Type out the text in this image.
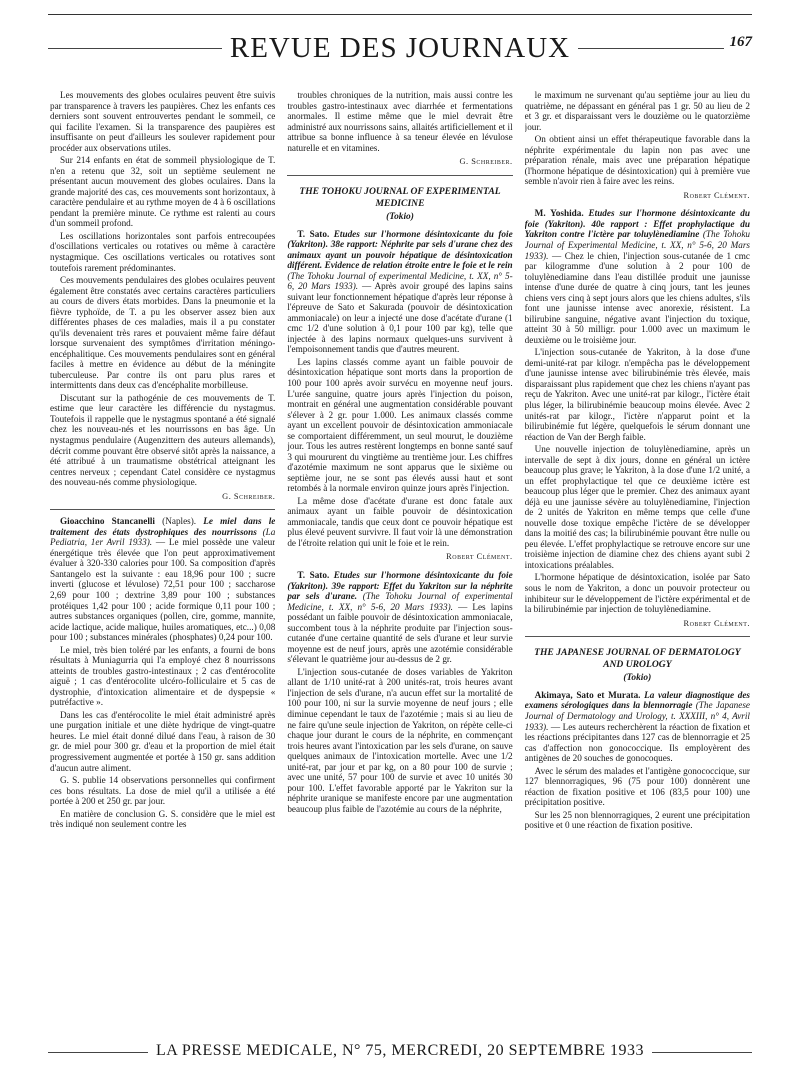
REVUE DES JOURNAUX	167

Les mouvements des globes oculaires peuvent être suivis par transparence à travers les paupières. Chez les enfants ces derniers sont souvent entrouvertes pendant le sommeil, ce qui facilite l'examen. Si la transparence des paupières est insuffisante on peut d'ailleurs les soulever rapidement pour procéder aux observations utiles.

Sur 214 enfants en état de sommeil physiologique de T. n'en a retenu que 32, soit un septième seulement ne présentant aucun mouvement des globes oculaires. Dans la grande majorité des cas, ces mouvements sont horizontaux, à caractère pendulaire et au rythme moyen de 4 à 6 oscillations pendant la première minute. Ce rythme est ralenti au cours d'un sommeil profond.

Les oscillations horizontales sont parfois entrecoupées d'oscillations verticales ou rotatives ou même à caractère nystagmique. Ces oscillations verticales ou rotatives sont toutefois rarement prédominantes.

Ces mouvements pendulaires des globes oculaires peuvent également être constatés avec certains caractères particuliers au cours de divers états morbides. Dans la pneumonie et la fièvre typhoïde, de T. a pu les observer assez bien aux différentes phases de ces maladies, mais il a pu constater qu'ils devenaient très rares et pouvaient même faire défaut lorsque survenaient des symptômes d'irritation méningo-encéphalitique. Ces mouvements pendulaires sont en général faciles à mettre en évidence au début de la méningite tuberculeuse. Par contre ils ont paru plus rares et intermittents dans deux cas d'encéphalite morbilleuse.

Discutant sur la pathogénie de ces mouvements de T. estime que leur caractère les différencie du nystagmus. Toutefois il rappelle que le nystagmus spontané a été signalé chez les nouveau-nés et les nourrissons en bas âge. Un nystagmus pendulaire (Augenzittern des auteurs allemands), décrit comme pouvant être observé sitôt après la naissance, a été attribué à un traumatisme obstétrical atteignant les centres nerveux ; cependant Catel considère ce nystagmus des nouveau-nés comme physiologique.

G. Schreiber.

Gioacchino Stancanelli (Naples). Le miel dans le traitement des états dystrophiques des nourrissons (La Pediatria, 1er Avril 1933). — Le miel possède une valeur énergétique très élevée que l'on peut approximativement évaluer à 320-330 calories pour 100. Sa composition d'après Santangelo est la suivante : eau 18,96 pour 100 ; sucre inverti (glucose et lévulose) 72,51 pour 100 ; saccharose 2,69 pour 100 ; dextrine 3,89 pour 100 ; substances protéiques 1,42 pour 100 ; acide formique 0,11 pour 100 ; autres substances organiques (pollen, cire, gomme, mannite, acide lactique, acide malique, huiles aromatiques, etc...) 0,08 pour 100 ; substances minérales (phosphates) 0,24 pour 100.

Le miel, très bien toléré par les enfants, a fourni de bons résultats à Muniagurria qui l'a employé chez 8 nourrissons atteints de troubles gastro-intestinaux ; 2 cas d'entérocolite aiguë ; 1 cas d'entérocolite ulcéro-folliculaire et 5 cas de dystrophie, d'intoxication alimentaire et de dyspepsie « putréfactive ».

Dans les cas d'entérocolite le miel était administré après une purgation initiale et une diète hydrique de vingt-quatre heures. Le miel était donné dilué dans l'eau, à raison de 30 gr. de miel pour 300 gr. d'eau et la proportion de miel était progressivement augmentée et portée à 150 gr. sans addition d'aucun autre aliment.

G. S. publie 14 observations personnelles qui confirment ces bons résultats. La dose de miel qu'il a utilisée a été portée à 200 et 250 gr. par jour.

En matière de conclusion G. S. considère que le miel est très indiqué non seulement contre les

troubles chroniques de la nutrition, mais aussi contre les troubles gastro-intestinaux avec diarrhée et fermentations anormales. Il estime même que le miel devrait être administré aux nourrissons sains, allaités artificiellement et il attribue sa bonne influence à sa teneur élevée en lévulose naturelle et en vitamines.

G. Schreiber.
THE TOHOKU JOURNAL OF EXPERIMENTAL MEDICINE
(Tokio)

T. Sato. Etudes sur l'hormone désintoxicante du foie (Yakriton). 38e rapport: Néphrite par sels d'urane chez des animaux ayant un pouvoir hépatique de désintoxication différent. Evidence de relation étroite entre le foie et le rein (The Tohoku Journal of experimental Medicine, t. XX, n° 5-6, 20 Mars 1933). — Après avoir groupé des lapins sains suivant leur fonctionnement hépatique d'après leur réponse à l'épreuve de Sato et Sakurada (pouvoir de désintoxication ammoniacale) on leur a injecté une dose d'acétate d'urane (1 cmc 1/2 d'une solution à 0,1 pour 100 par kg), telle que injectée à des lapins normaux quelques-uns survivent à l'empoisonnement tandis que d'autres meurent.

Les lapins classés comme ayant un faible pouvoir de désintoxication hépatique sont morts dans la proportion de 100 pour 100 après avoir survécu en moyenne neuf jours. L'urée sanguine, quatre jours après l'injection du poison, montrait en général une augmentation considérable pouvant s'élever à 2 gr. pour 1.000. Les animaux classés comme ayant un excellent pouvoir de désintoxication ammoniacale se comportaient différemment, un seul mourut, le douzième jour. Tous les autres restèrent longtemps en bonne santé sauf 3 qui moururent du vingtième au trentième jour. Les chiffres d'azotémie maximum ne sont apparus que le sixième ou septième jour, ne se sont pas élevés aussi haut et sont retombés à la normale environ quinze jours après l'injection.

La même dose d'acétate d'urane est donc fatale aux animaux ayant un faible pouvoir de désintoxication ammoniacale, tandis que ceux dont ce pouvoir hépatique est plus élevé peuvent survivre. Il faut voir là une démonstration de l'étroite relation qui unit le foie et le rein.

Robert Clément.

T. Sato. Etudes sur l'hormone désintoxicante du foie (Yakriton). 39e rapport: Effet du Yakriton sur la néphrite par sels d'urane. (The Tohoku Journal of experimental Medicine, t. XX, n° 5-6, 20 Mars 1933). — Les lapins possédant un faible pouvoir de désintoxication ammoniacale, succombent tous à la néphrite produite par l'injection sous-cutanée d'une certaine quantité de sels d'urane et leur survie moyenne est de neuf jours, après une azotémie considérable s'élevant le quatrième jour au-dessus de 2 gr.

L'injection sous-cutanée de doses variables de Yakriton allant de 1/10 unité-rat à 200 unités-rat, trois heures avant l'injection de sels d'urane, n'a aucun effet sur la mortalité de 100 pour 100, ni sur la survie moyenne de neuf jours ; elle diminue cependant le taux de l'azotémie ; mais si au lieu de ne faire qu'une seule injection de Yakriton, on répète celle-ci chaque jour durant le cours de la néphrite, en commençant trois heures avant l'intoxication par les sels d'urane, on sauve quelques animaux de l'intoxication mortelle. Avec une 1/2 unité-rat, par jour et par kg, on a 80 pour 100 de survie ; avec une unité, 57 pour 100 de survie et avec 10 unités 30 pour 100. L'effet favorable apporté par le Yakriton sur la néphrite uranique se manifeste encore par une augmentation beaucoup plus faible de l'azotémie au cours de la néphrite,

le maximum ne survenant qu'au septième jour au lieu du quatrième, ne dépassant en général pas 1 gr. 50 au lieu de 2 et 3 gr. et disparaissant vers le douzième ou le quatorzième jour.

On obtient ainsi un effet thérapeutique favorable dans la néphrite expérimentale du lapin non pas avec une préparation rénale, mais avec une préparation hépatique (l'hormone hépatique de désintoxication) qui à première vue semble n'avoir rien à faire avec les reins.

Robert Clément.

M. Yoshida. Etudes sur l'hormone désintoxicante du foie (Yakriton). 40e rapport : Effet prophylactique du Yakriton contre l'ictère par toluylènediamine (The Tohoku Journal of Experimental Medicine, t. XX, n° 5-6, 20 Mars 1933). — Chez le chien, l'injection sous-cutanée de 1 cmc par kilogramme d'une solution à 2 pour 100 de toluylènediamine dans l'eau distillée produit une jaunisse intense d'une durée de quatre à cinq jours, tant les jeunes chiens vers cinq à sept jours alors que les chiens adultes, s'ils font une jaunisse intense avec anorexie, résistent. La bilirubine sanguine, négative avant l'injection du toxique, atteint 30 à 50 milligr. pour 1.000 avec un maximum le deuxième ou le troisième jour.

L'injection sous-cutanée de Yakriton, à la dose d'une demi-unité-rat par kilogr. n'empêcha pas le développement d'une jaunisse intense avec bilirubinémie très élevée, mais disparaissant plus rapidement que chez les chiens n'ayant pas reçu de Yakriton. Avec une unité-rat par kilogr., l'ictère était plus léger, la bilirubinémie beaucoup moins élevée. Avec 2 unités-rat par kilogr., l'ictère n'apparut point et la bilirubinémie fut légère, quelquefois le sérum donnant une réaction de Van der Bergh faible.

Une nouvelle injection de toluylènediamine, après un intervalle de sept à dix jours, donne en général un ictère beaucoup plus grave; le Yakriton, à la dose d'une 1/2 unité, a un effet prophylactique tel que ce deuxième ictère est beaucoup plus léger que le premier. Chez des animaux ayant déjà eu une jaunisse sévère au toluylènediamine, l'injection de 2 unités de Yakriton en même temps que celle d'une nouvelle dose toxique empêche l'ictère de se développer dans la moitié des cas; la bilirubinémie pouvant être nulle ou peu élevée. L'effet prophylactique se retrouve encore sur une troisième injection de diamine chez des chiens ayant subi 2 intoxications préalables.

L'hormone hépatique de désintoxication, isolée par Sato sous le nom de Yakriton, a donc un pouvoir protecteur ou inhibiteur sur le développement de l'ictère expérimental et de la bilirubinémie par injection de toluylènediamine.

Robert Clément.
THE JAPANESE JOURNAL OF DERMATOLOGY AND UROLOGY
(Tokio)

Akimaya, Sato et Murata. La valeur diagnostique des examens sérologiques dans la blennorragie (The Japanese Journal of Dermatology and Urology, t. XXXIII, n° 4, Avril 1933). — Les auteurs recherchèrent la réaction de fixation et les réactions précipitantes dans 127 cas de blennorragie et 25 cas d'affection non gonococcique. Ils employèrent des antigènes de 20 souches de gonocoques.

Avec le sérum des malades et l'antigène gonococcique, sur 127 blennorragiques, 96 (75 pour 100) donnèrent une réaction de fixation positive et 106 (83,5 pour 100) une précipitation positive.

Sur les 25 non blennorragiques, 2 eurent une précipitation positive et 0 une réaction de fixation positive.

LA PRESSE MEDICALE, N° 75, MERCREDI, 20 SEPTEMBRE 1933
